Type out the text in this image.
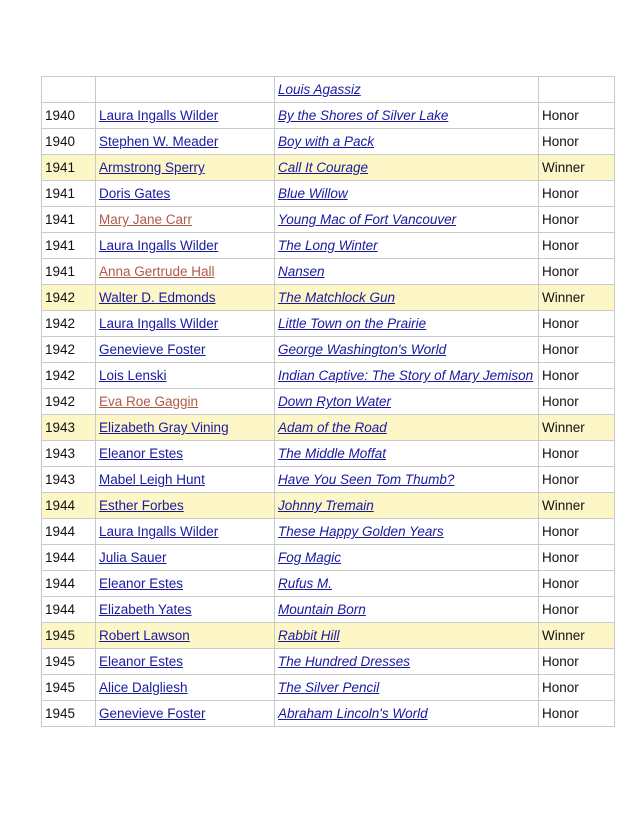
		Louis Agassiz	
1940	Laura Ingalls Wilder	By the Shores of Silver Lake	Honor
1940	Stephen W. Meader	Boy with a Pack	Honor
1941	Armstrong Sperry	Call It Courage	Winner
1941	Doris Gates	Blue Willow	Honor
1941	Mary Jane Carr	Young Mac of Fort Vancouver	Honor
1941	Laura Ingalls Wilder	The Long Winter	Honor
1941	Anna Gertrude Hall	Nansen	Honor
1942	Walter D. Edmonds	The Matchlock Gun	Winner
1942	Laura Ingalls Wilder	Little Town on the Prairie	Honor
1942	Genevieve Foster	George Washington's World	Honor
1942	Lois Lenski	Indian Captive: The Story of Mary Jemison	Honor
1942	Eva Roe Gaggin	Down Ryton Water	Honor
1943	Elizabeth Gray Vining	Adam of the Road	Winner
1943	Eleanor Estes	The Middle Moffat	Honor
1943	Mabel Leigh Hunt	Have You Seen Tom Thumb?	Honor
1944	Esther Forbes	Johnny Tremain	Winner
1944	Laura Ingalls Wilder	These Happy Golden Years	Honor
1944	Julia Sauer	Fog Magic	Honor
1944	Eleanor Estes	Rufus M.	Honor
1944	Elizabeth Yates	Mountain Born	Honor
1945	Robert Lawson	Rabbit Hill	Winner
1945	Eleanor Estes	The Hundred Dresses	Honor
1945	Alice Dalgliesh	The Silver Pencil	Honor
1945	Genevieve Foster	Abraham Lincoln's World	Honor
